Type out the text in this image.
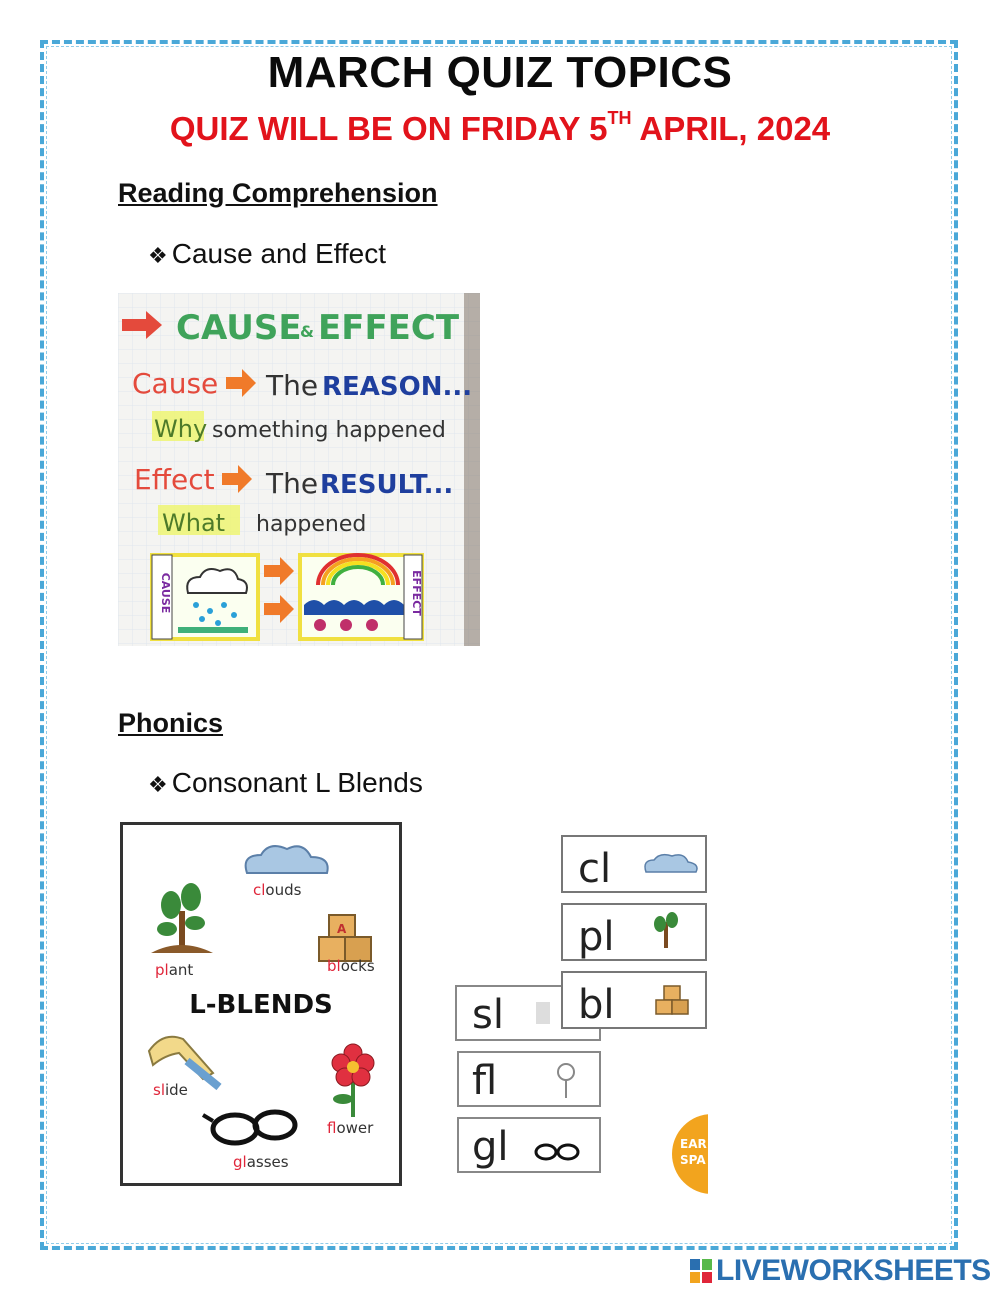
MARCH QUIZ TOPICS
QUIZ WILL BE ON FRIDAY 5TH APRIL, 2024
Reading Comprehension
❖ Cause and Effect
CAUSE
& EFFECT
Cause The REASON...
Why something happened
Effect The RESULT...
What happened
CAUSE	EFFECT
Phonics
❖ Consonant L Blends
clouds
plant
A
blocks
L-BLENDS
slide
flower
glasses
sl
fl
gl
cl
pl
bl
EAR
SPA
LIVEWORKSHEETS
